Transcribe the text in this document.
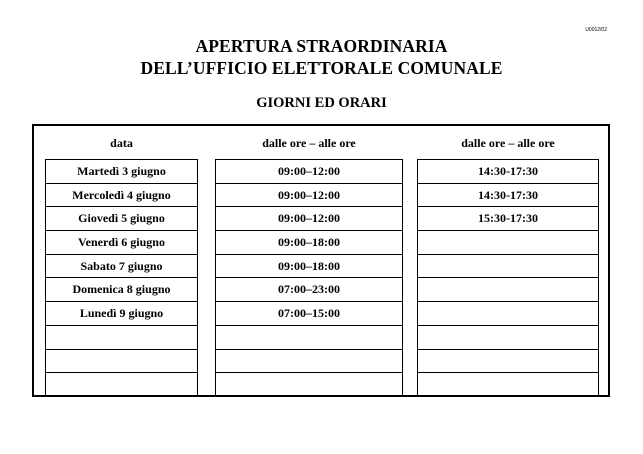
U0012/02
APERTURA STRAORDINARIA
DELL’UFFICIO ELETTORALE COMUNALE
GIORNI ED ORARI
data	dalle ore – alle ore	dalle ore – alle ore
Martedì 3 giugno
Mercoledì 4 giugno
Giovedì 5 giugno
Venerdì 6 giugno
Sabato 7 giugno
Domenica 8 giugno
Lunedì 9 giugno
09:00–12:00
09:00–12:00
09:00–12:00
09:00–18:00
09:00–18:00
07:00–23:00
07:00–15:00
14:30-17:30
14:30-17:30
15:30-17:30
